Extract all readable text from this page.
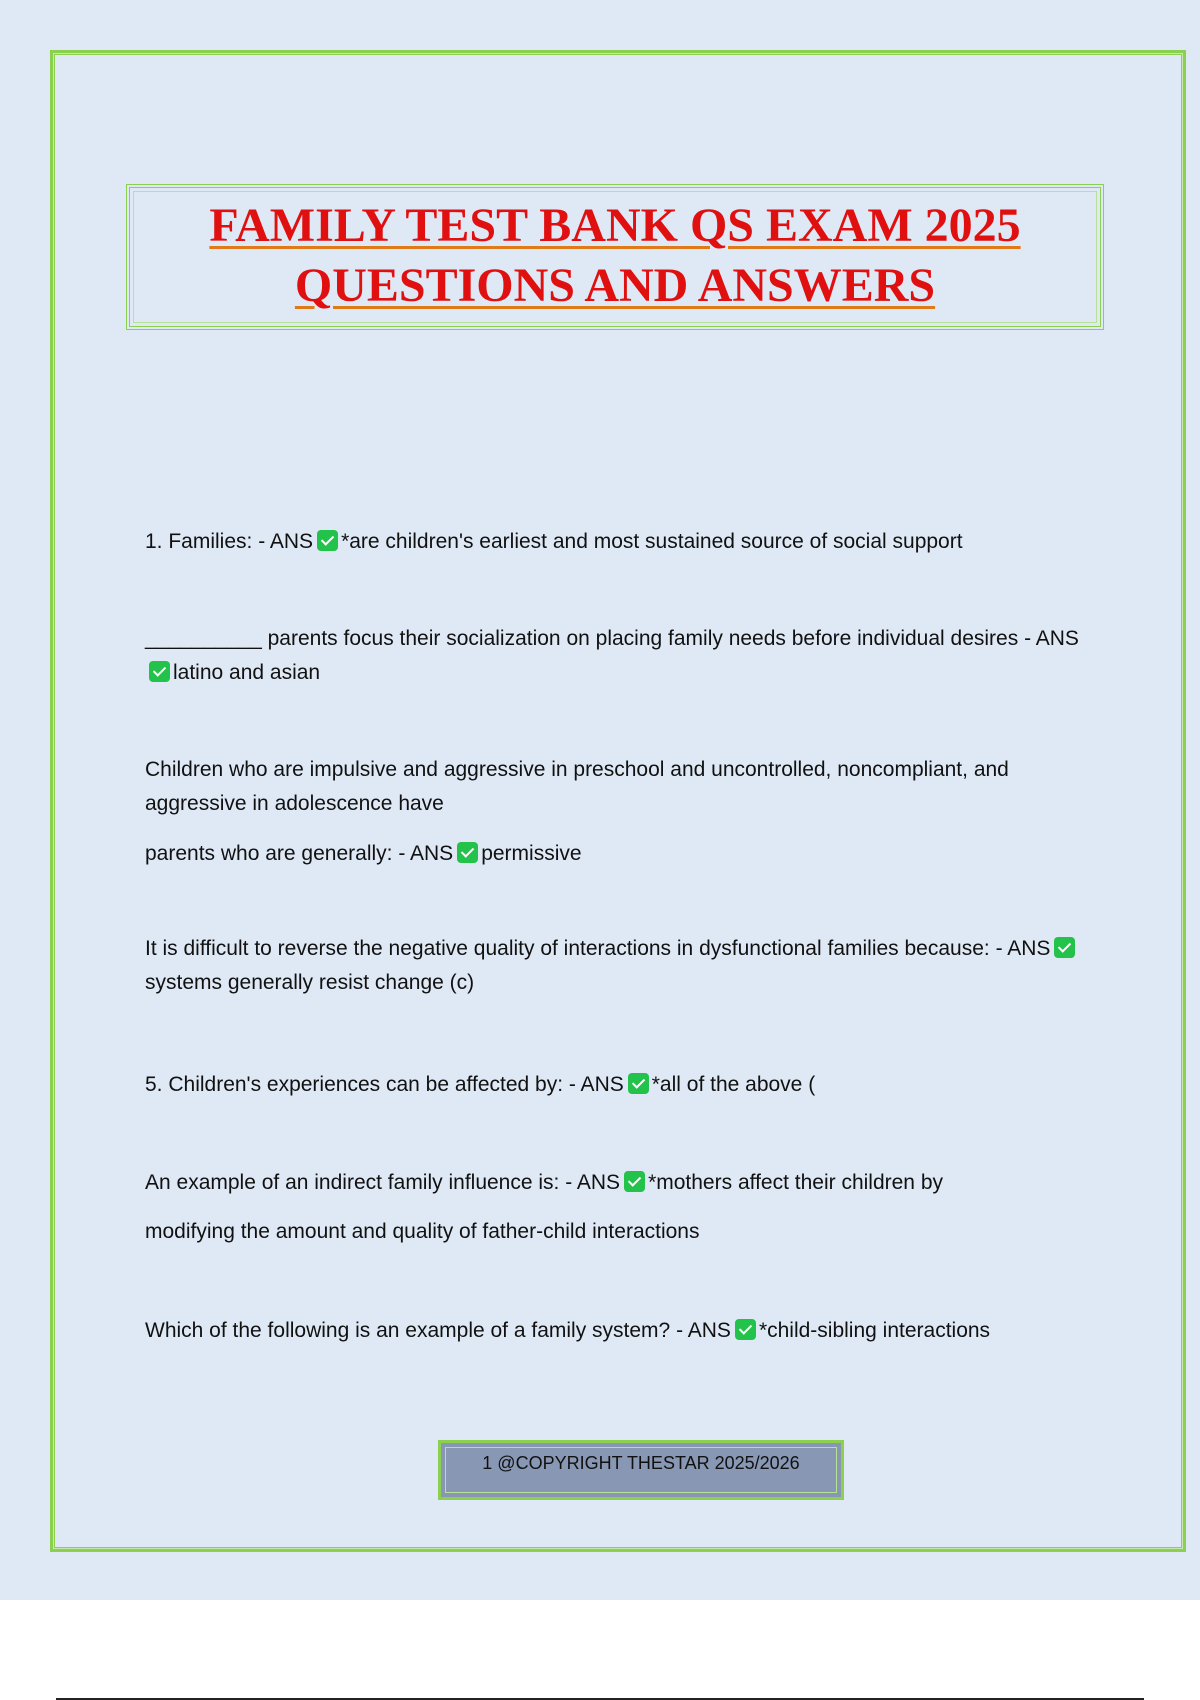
FAMILY TEST BANK QS EXAM 2025
QUESTIONS AND ANSWERS
1. Families: - ANS *are children's earliest and most sustained source of social support
__________ parents focus their socialization on placing family needs before individual desires - ANSlatino and asian
Children who are impulsive and aggressive in preschool and uncontrolled, noncompliant, and aggressive in adolescence have
parents who are generally: - ANS permissive
It is difficult to reverse the negative quality of interactions in dysfunctional families because: - ANSsystems generally resist change (c)
5. Children's experiences can be affected by: - ANS *all of the above (
An example of an indirect family influence is: - ANS *mothers affect their children by
modifying the amount and quality of father-child interactions
Which of the following is an example of a family system? - ANS *child-sibling interactions
1 @COPYRIGHT THESTAR 2025/2026
